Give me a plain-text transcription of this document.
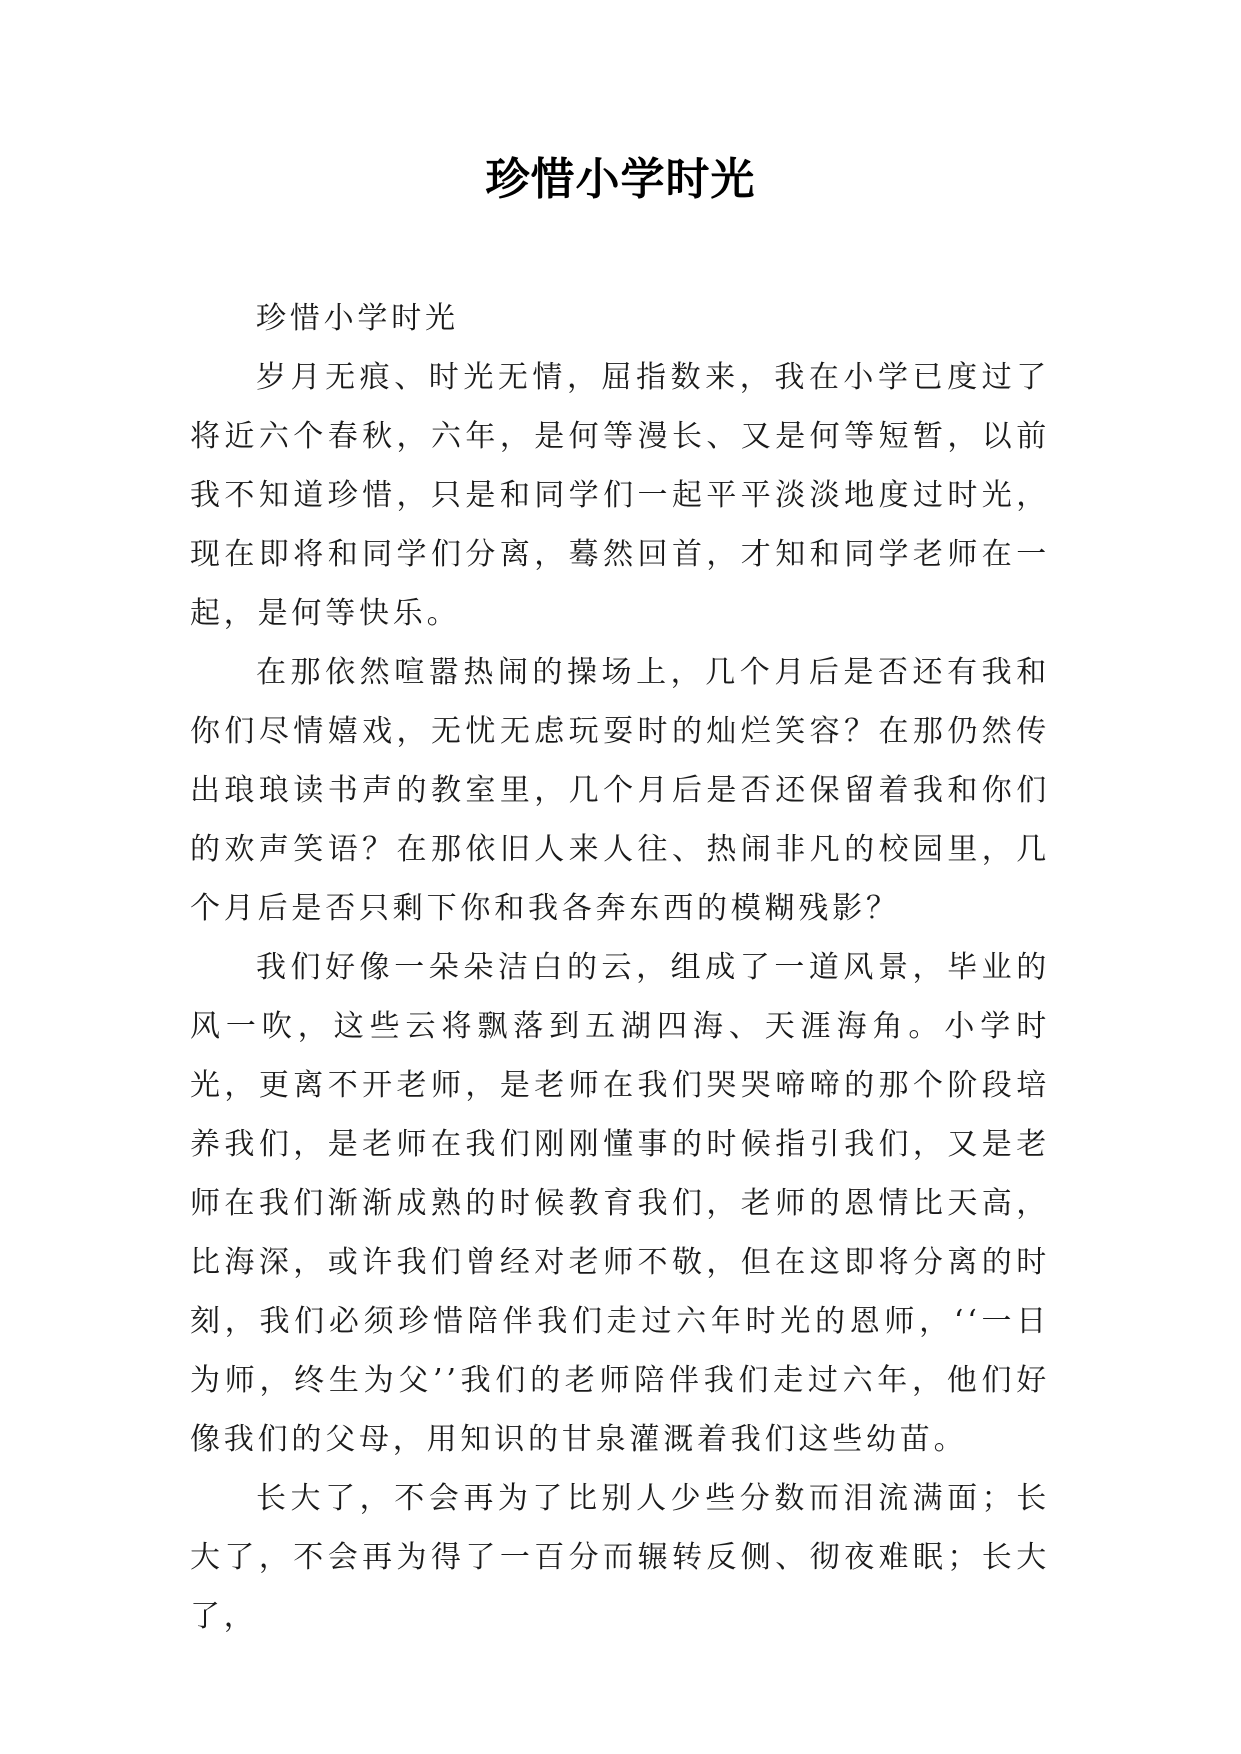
珍惜小学时光

珍惜小学时光

岁月无痕、时光无情，屈指数来，我在小学已度过了将近六个春秋，六年，是何等漫长、又是何等短暂，以前我不知道珍惜，只是和同学们一起平平淡淡地度过时光，现在即将和同学们分离，蓦然回首，才知和同学老师在一起，是何等快乐。

在那依然喧嚣热闹的操场上，几个月后是否还有我和你们尽情嬉戏，无忧无虑玩耍时的灿烂笑容？在那仍然传出琅琅读书声的教室里，几个月后是否还保留着我和你们的欢声笑语？在那依旧人来人往、热闹非凡的校园里，几个月后是否只剩下你和我各奔东西的模糊残影？

我们好像一朵朵洁白的云，组成了一道风景，毕业的风一吹，这些云将飘落到五湖四海、天涯海角。小学时光，更离不开老师，是老师在我们哭哭啼啼的那个阶段培养我们，是老师在我们刚刚懂事的时候指引我们，又是老师在我们渐渐成熟的时候教育我们，老师的恩情比天高，比海深，或许我们曾经对老师不敬，但在这即将分离的时刻，我们必须珍惜陪伴我们走过六年时光的恩师，‘‘一日为师，终生为父’’我们的老师陪伴我们走过六年，他们好像我们的父母，用知识的甘泉灌溉着我们这些幼苗。

长大了，不会再为了比别人少些分数而泪流满面；长大了，不会再为得了一百分而辗转反侧、彻夜难眠；长大了，
